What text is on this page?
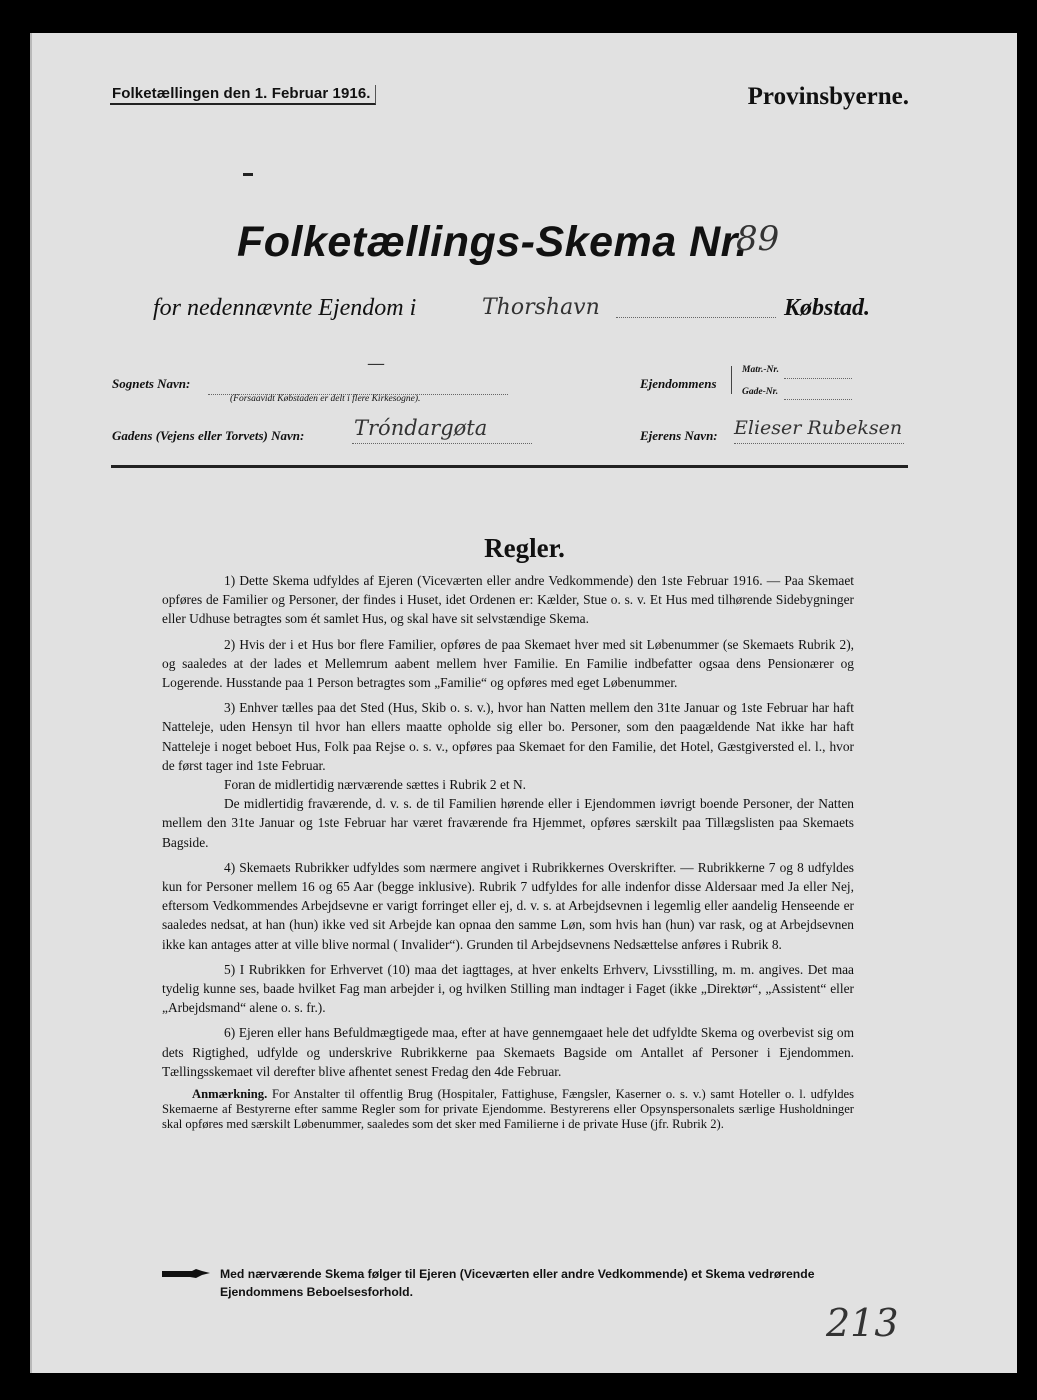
Folketællingen den 1. Februar 1916.	Provinsbyerne.
Folketællings-Skema Nr.
89
for nedennævnte Ejendom i	Thorshavn	Købstad.
Sognets Navn:
—
(Forsaavidt Købstaden er delt i flere Kirkesogne).
Ejendommens
Matr.-Nr.
Gade-Nr.
Gadens (Vejens eller Torvets) Navn: Tróndargøta	Ejerens Navn: Elieser Rubeksen
Regler.

1) Dette Skema udfyldes af Ejeren (Viceværten eller andre Vedkommende) den 1ste Februar 1916. — Paa Skemaet opføres de Familier og Personer, der findes i Huset, idet Ordenen er: Kælder, Stue o. s. v. Et Hus med tilhørende Sidebygninger eller Udhuse betragtes som ét samlet Hus, og skal have sit selvstændige Skema.

2) Hvis der i et Hus bor flere Familier, opføres de paa Skemaet hver med sit Løbenummer (se Skemaets Rubrik 2), og saaledes at der lades et Mellemrum aabent mellem hver Familie. En Familie indbefatter ogsaa dens Pensionærer og Logerende. Husstande paa 1 Person betragtes som „Familie“ og opføres med eget Løbenummer.

3) Enhver tælles paa det Sted (Hus, Skib o. s. v.), hvor han Natten mellem den 31te Januar og 1ste Februar har haft Natteleje, uden Hensyn til hvor han ellers maatte opholde sig eller bo. Personer, som den paagældende Nat ikke har haft Natteleje i noget beboet Hus, Folk paa Rejse o. s. v., opføres paa Skemaet for den Familie, det Hotel, Gæstgiversted el. l., hvor de først tager ind 1ste Februar.

Foran de midlertidig nærværende sættes i Rubrik 2 et N.

De midlertidig fraværende, d. v. s. de til Familien hørende eller i Ejendommen iøvrigt boende Personer, der Natten mellem den 31te Januar og 1ste Februar har været fraværende fra Hjemmet, opføres særskilt paa Tillægslisten paa Skemaets Bagside.

4) Skemaets Rubrikker udfyldes som nærmere angivet i Rubrikkernes Overskrifter. — Rubrikkerne 7 og 8 udfyldes kun for Personer mellem 16 og 65 Aar (begge inklusive). Rubrik 7 udfyldes for alle indenfor disse Aldersaar med Ja eller Nej, eftersom Vedkommendes Arbejdsevne er varigt forringet eller ej, d. v. s. at Arbejdsevnen i legemlig eller aandelig Henseende er saaledes nedsat, at han (hun) ikke ved sit Arbejde kan opnaa den samme Løn, som hvis han (hun) var rask, og at Arbejdsevnen ikke kan antages atter at ville blive normal ( Invalider“). Grunden til Arbejdsevnens Nedsættelse anføres i Rubrik 8.

5) I Rubrikken for Erhvervet (10) maa det iagttages, at hver enkelts Erhverv, Livsstilling, m. m. angives. Det maa tydelig kunne ses, baade hvilket Fag man arbejder i, og hvilken Stilling man indtager i Faget (ikke „Direktør“, „Assistent“ eller „Arbejdsmand“ alene o. s. fr.).

6) Ejeren eller hans Befuldmægtigede maa, efter at have gennemgaaet hele det udfyldte Skema og overbevist sig om dets Rigtighed, udfylde og underskrive Rubrikkerne paa Skemaets Bagside om Antallet af Personer i Ejendommen. Tællingsskemaet vil derefter blive afhentet senest Fredag den 4de Februar.

Anmærkning. For Anstalter til offentlig Brug (Hospitaler, Fattighuse, Fængsler, Kaserner o. s. v.) samt Hoteller o. l. udfyldes Skemaerne af Bestyrerne efter samme Regler som for private Ejendomme. Bestyrerens eller Opsynspersonalets særlige Husholdninger skal opføres med særskilt Løbenummer, saaledes som det sker med Familierne i de private Huse (jfr. Rubrik 2).

Med nærværende Skema følger til Ejeren (Viceværten eller andre Vedkommende) et Skema vedrørende Ejendommens Beboelsesforhold.
213
